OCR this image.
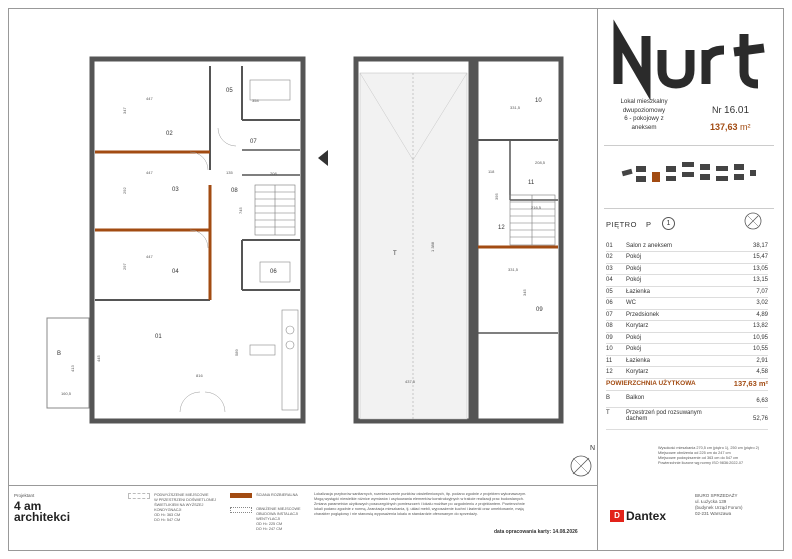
02
03
04
01
05
07
08
06
B
T
10
11
12
09
447
447
447
354
816
437,5
331,5
331,5
208
208,5
135
160,5
118
216,5
1 388
745
413
445
345
395
292
297
347
589
Lokal mieszkalny
dwupoziomowy
6 - pokojowy z
aneksem
Nr 16.01
137,63 m²
PIĘTRO P	1
01	Salon z aneksem	38,17
02	Pokój	15,47
03	Pokój	13,05
04	Pokój	13,15
05	Łazienka	7,07
06	WC	3,02
07	Przedsionek	4,89
08	Korytarz	13,82
09	Pokój	10,95
10	Pokój	10,55
11	Łazienka	2,91
12	Korytarz	4,58
POWIERZCHNIA UŻYTKOWA	137,63 m²
B	Balkon	6,63
T	Przestrzeń pod rozsuwanym dachem	52,76
N	Wysokość mieszkania 270,5 cm (piętro 1), 250 cm (piętro 2)
Miejscowe obniżenia od 225 cm do 247 cm
Miejscowe podwyższenie od 363 cm do 547 cm
Powierzchnie liczone wg normy ISO 9836:2022-07
Projektant
4 am architekci

PODWYŻSZENIE MIEJSCOWE
W PRZESTRZENI DOŚWIETLONEJ
ŚWIETLIKIEM NA WYŻSZEJ
KONDYGNACJI
OD H= 363 CM
DO H= 547 CM
ŚCIANA ROZBIERALNA

OBNIŻENIE MIEJSCOWE
OBUDOWA INSTALACJI
WENTYLACJI
OD H= 225 CM
DO H= 247 CM
Lokalizacja przyborów sanitarnych, rozmieszczenie punktów oświetleniowych, itp. podano zgodnie z projektem wykonawczym. Mogą wystąpić niewielkie różnice wymiarów i usytuowania elementów konstrukcyjnych w trakcie realizacji prac budowlanych. Zmiana parametrów użytkowych poszczególnych pomieszczeń i lokalu możliwe po uzgodnieniu z projektantem. Powierzchnie lokali podano zgodnie z normą. Aranżacja mieszkania, tj. układ mebli, wyposażenie kuchni i łazienki oraz umeblowanie, mają charakter poglądowy i nie stanowią wyposażenia lokalu w standardzie oferowanym do sprzedaży.
data opracowania karty: 14.08.2026
D Dantex
BIURO SPRZEDAŻY
ul. Łużycka 139
(budynek Urząd Forum)
02-231 Warszawa
